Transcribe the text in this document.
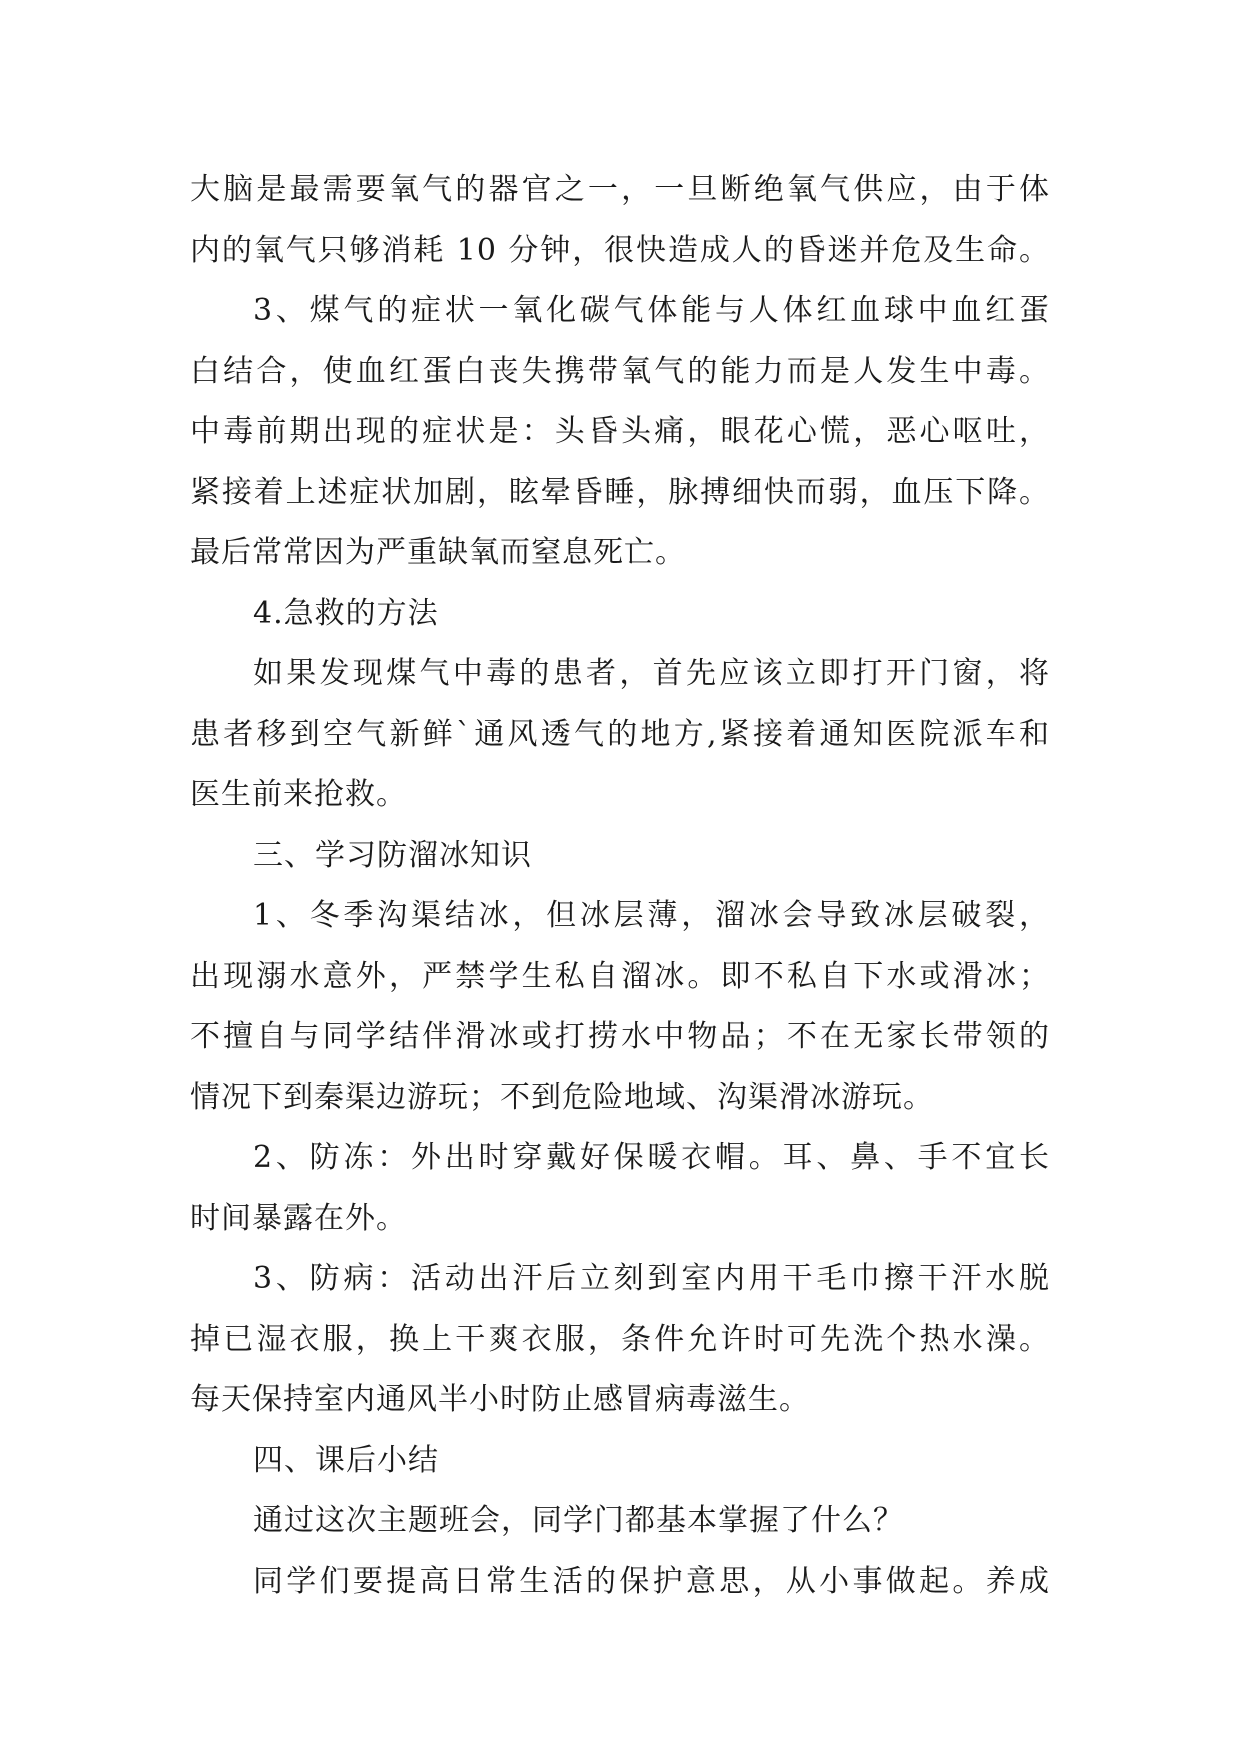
大脑是最需要氧气的器官之一，一旦断绝氧气供应，由于体
内的氧气只够消耗 10 分钟，很快造成人的昏迷并危及生命。
3、煤气的症状一氧化碳气体能与人体红血球中血红蛋
白结合，使血红蛋白丧失携带氧气的能力而是人发生中毒。
中毒前期出现的症状是：头昏头痛，眼花心慌，恶心呕吐，
紧接着上述症状加剧，眩晕昏睡，脉搏细快而弱，血压下降。
最后常常因为严重缺氧而窒息死亡。
4.急救的方法
如果发现煤气中毒的患者，首先应该立即打开门窗，将
患者移到空气新鲜`通风透气的地方,紧接着通知医院派车和
医生前来抢救。
三、学习防溜冰知识
1、冬季沟渠结冰，但冰层薄，溜冰会导致冰层破裂，
出现溺水意外，严禁学生私自溜冰。即不私自下水或滑冰；
不擅自与同学结伴滑冰或打捞水中物品；不在无家长带领的
情况下到秦渠边游玩；不到危险地域、沟渠滑冰游玩。
2、防冻：外出时穿戴好保暖衣帽。耳、鼻、手不宜长
时间暴露在外。
3、防病：活动出汗后立刻到室内用干毛巾擦干汗水脱
掉已湿衣服，换上干爽衣服，条件允许时可先洗个热水澡。
每天保持室内通风半小时防止感冒病毒滋生。
四、课后小结
通过这次主题班会，同学门都基本掌握了什么？
同学们要提高日常生活的保护意思，从小事做起。养成
